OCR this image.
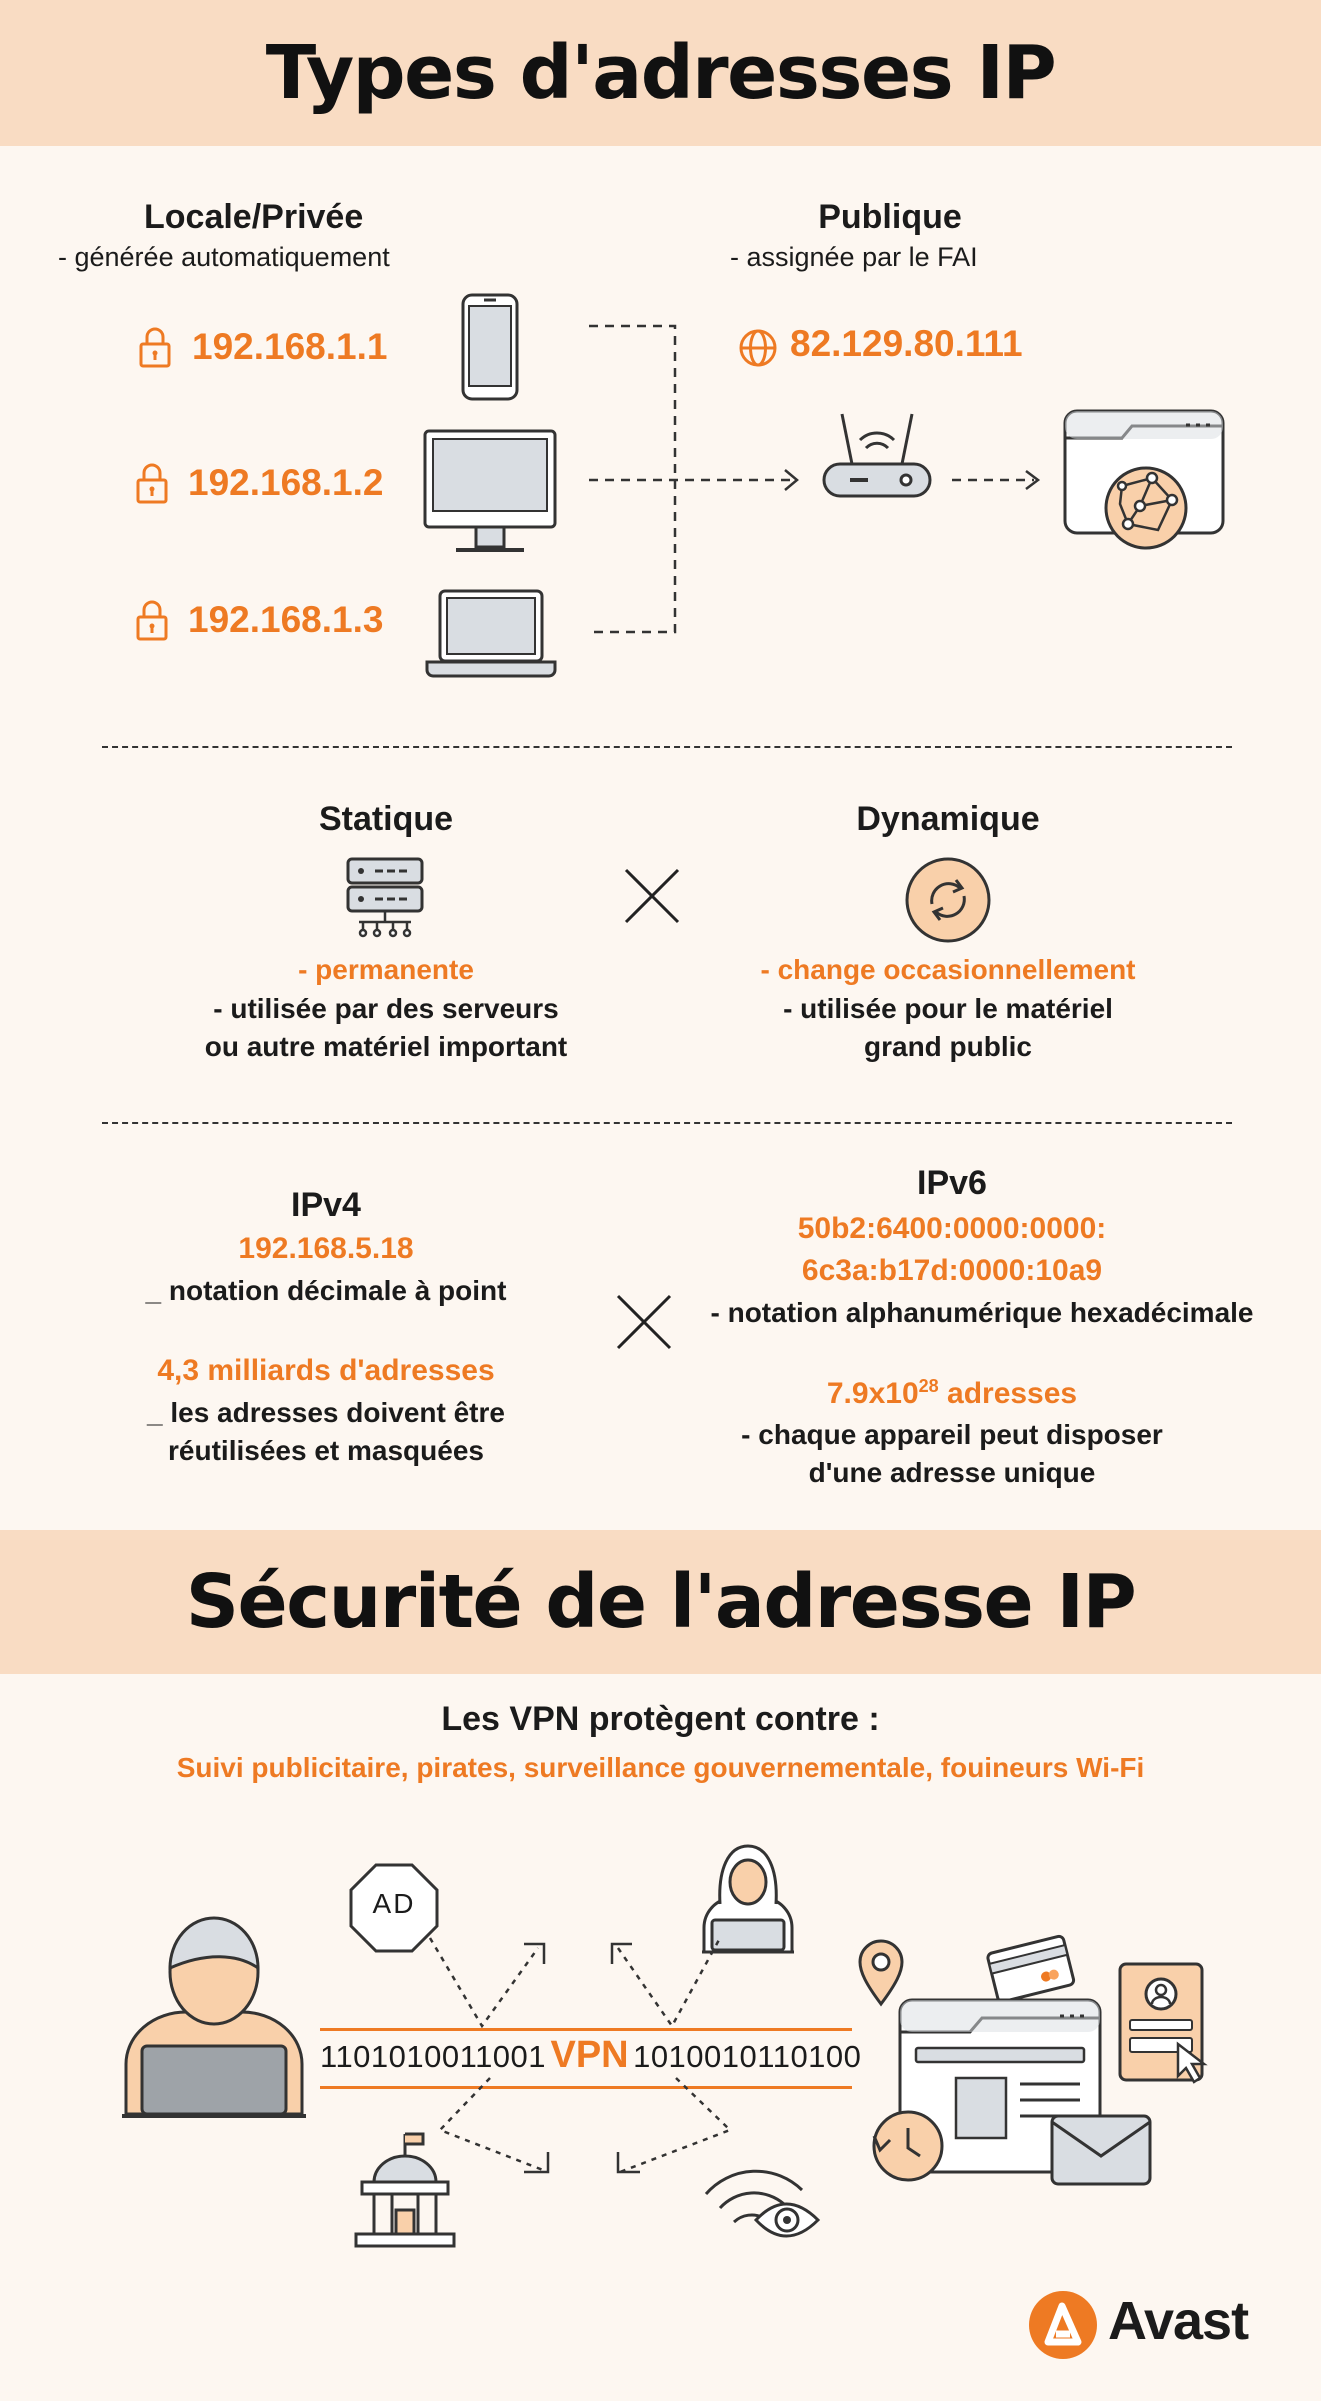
Types d'adresses IP
Locale/Privée
- générée automatiquement
Publique
- assignée par le FAI
192.168.1.1
192.168.1.2
192.168.1.3
82.129.80.111
Statique
- permanente
- utilisée par des serveurs
ou autre matériel important
Dynamique
- change occasionnellement
- utilisée pour le matériel
grand public
IPv4
192.168.5.18
_ notation décimale à point
4,3 milliards d'adresses
_ les adresses doivent être
réutilisées et masquées
IPv6
50b2:6400:0000:0000:
6c3a:b17d:0000:10a9
- notation alphanumérique hexadécimale
$7.9x10^{28}$ adresses
- chaque appareil peut disposer
d'une adresse unique
Sécurité de l'adresse IP
Les VPN protègent contre :
Suivi publicitaire, pirates, surveillance gouvernementale, fouineurs Wi-Fi
AD
1101010011001 VPN 1010010110100
Avast
